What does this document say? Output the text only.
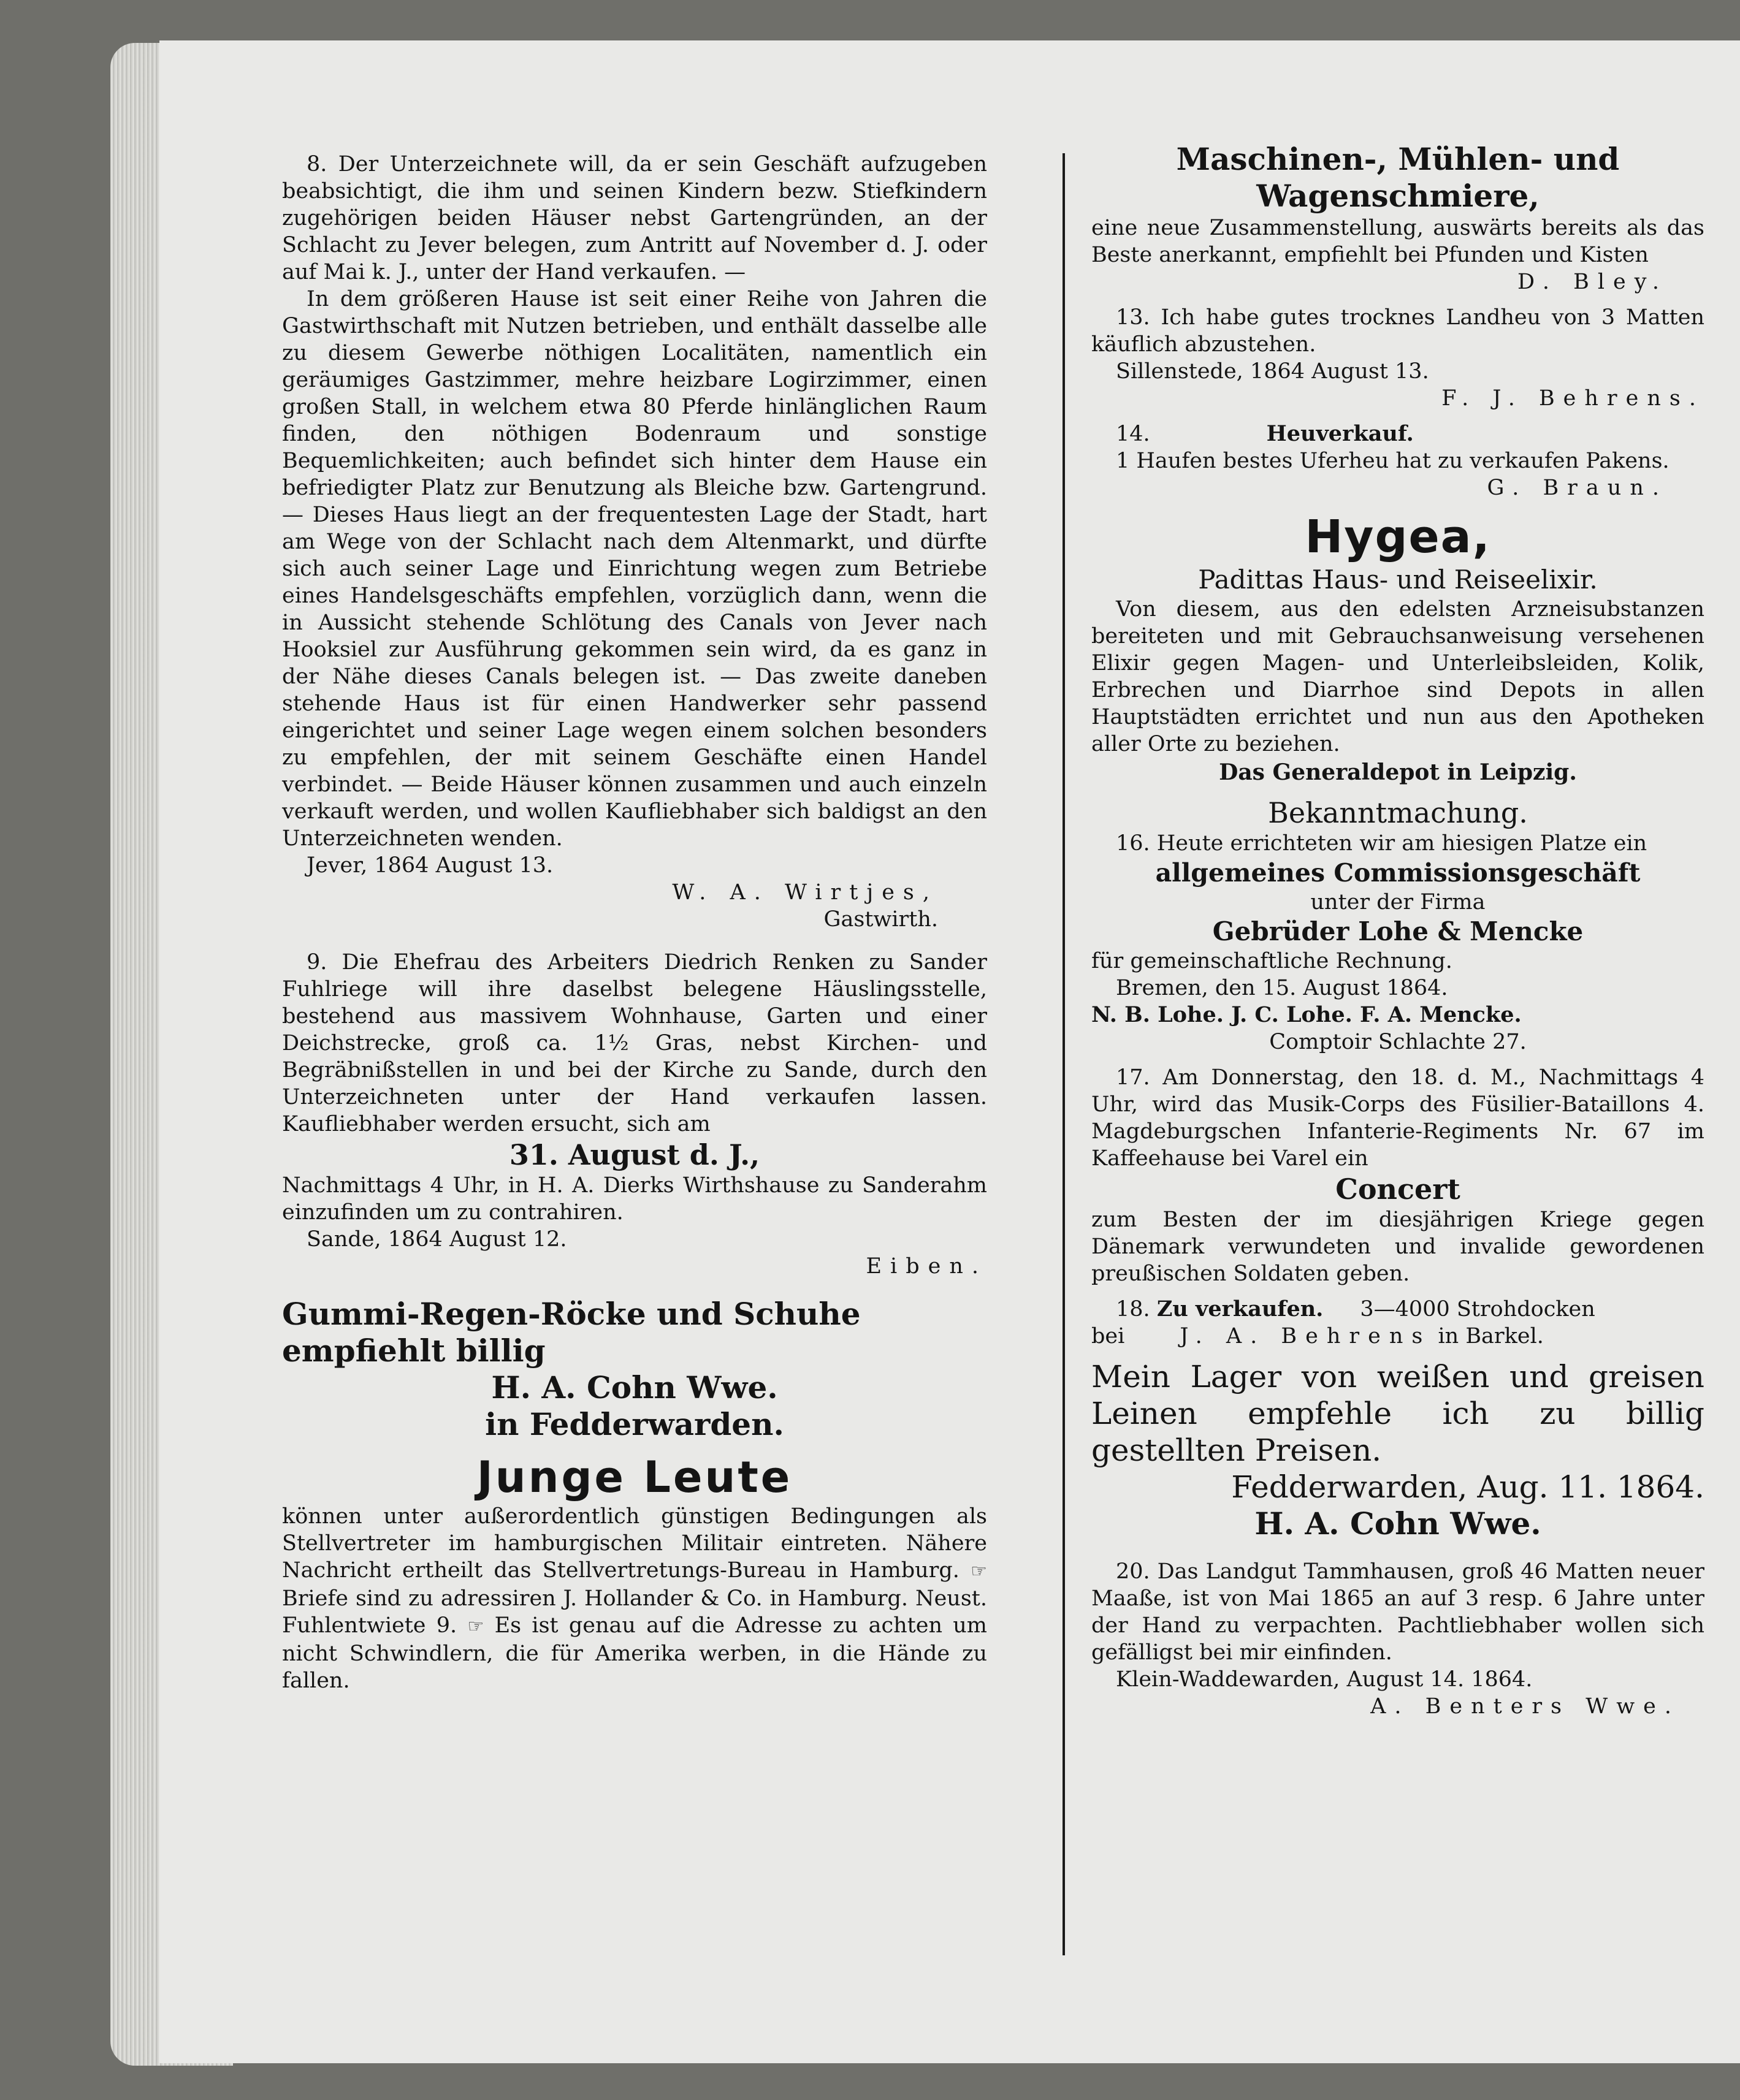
8. Der Unterzeichnete will, da er sein Geschäft aufzugeben beabsichtigt, die ihm und seinen Kindern bezw. Stiefkindern zugehörigen beiden Häuser nebst Gartengründen, an der Schlacht zu Jever belegen, zum Antritt auf November d. J. oder auf Mai k. J., unter der Hand verkaufen. —

In dem größeren Hause ist seit einer Reihe von Jahren die Gastwirthschaft mit Nutzen betrieben, und enthält dasselbe alle zu diesem Gewerbe nöthigen Localitäten, namentlich ein geräumiges Gastzimmer, mehre heizbare Logirzimmer, einen großen Stall, in welchem etwa 80 Pferde hinlänglichen Raum finden, den nöthigen Bodenraum und sonstige Bequemlichkeiten; auch befindet sich hinter dem Hause ein befriedigter Platz zur Benutzung als Bleiche bzw. Gartengrund. — Dieses Haus liegt an der frequentesten Lage der Stadt, hart am Wege von der Schlacht nach dem Altenmarkt, und dürfte sich auch seiner Lage und Einrichtung wegen zum Betriebe eines Handelsgeschäfts empfehlen, vorzüglich dann, wenn die in Aussicht stehende Schlötung des Canals von Jever nach Hooksiel zur Ausführung gekommen sein wird, da es ganz in der Nähe dieses Canals belegen ist. — Das zweite daneben stehende Haus ist für einen Handwerker sehr passend eingerichtet und seiner Lage wegen einem solchen besonders zu empfehlen, der mit seinem Geschäfte einen Handel verbindet. — Beide Häuser können zusammen und auch einzeln verkauft werden, und wollen Kaufliebhaber sich baldigst an den Unterzeichneten wenden.

Jever, 1864 August 13.

W. A. Wirtjes,

Gastwirth.

9. Die Ehefrau des Arbeiters Diedrich Renken zu Sander Fuhlriege will ihre daselbst belegene Häuslingsstelle, bestehend aus massivem Wohnhause, Garten und einer Deichstrecke, groß ca. 1½ Gras, nebst Kirchen- und Begräbnißstellen in und bei der Kirche zu Sande, durch den Unterzeichneten unter der Hand verkaufen lassen. Kaufliebhaber werden ersucht, sich am

31. August d. J.,

Nachmittags 4 Uhr, in H. A. Dierks Wirthshause zu Sanderahm einzufinden um zu contrahiren.

Sande, 1864 August 12.

Eiben.

Gummi-Regen-Röcke und Schuhe

empfiehlt billig

H. A. Cohn Wwe.

in Fedderwarden.

Junge Leute

können unter außerordentlich günstigen Bedingungen als Stellvertreter im hamburgischen Militair eintreten. Nähere Nachricht ertheilt das Stellvertretungs-Bureau in Hamburg. ☞ Briefe sind zu adressiren J. Hollander & Co. in Hamburg. Neust. Fuhlentwiete 9. ☞ Es ist genau auf die Adresse zu achten um nicht Schwindlern, die für Amerika werben, in die Hände zu fallen.

Maschinen-, Mühlen- und Wagenschmiere,

eine neue Zusammenstellung, auswärts bereits als das Beste anerkannt, empfiehlt bei Pfunden und Kisten

D. Bley.

13. Ich habe gutes trocknes Landheu von 3 Matten käuflich abzustehen.

Sillenstede, 1864 August 13.

F. J. Behrens.

14.	Heuverkauf.

1 Haufen bestes Uferheu hat zu verkaufen Pakens.

G. Braun.

Hygea,

Padittas Haus- und Reiseelixir.

Von diesem, aus den edelsten Arzneisubstanzen bereiteten und mit Gebrauchsanweisung versehenen Elixir gegen Magen- und Unterleibsleiden, Kolik, Erbrechen und Diarrhoe sind Depots in allen Hauptstädten errichtet und nun aus den Apotheken aller Orte zu beziehen.

Das Generaldepot in Leipzig.

Bekanntmachung.

16. Heute errichteten wir am hiesigen Platze ein

allgemeines Commissionsgeschäft

unter der Firma

Gebrüder Lohe & Mencke

für gemeinschaftliche Rechnung.

Bremen, den 15. August 1864.

N. B. Lohe. J. C. Lohe. F. A. Mencke.

Comptoir Schlachte 27.

17. Am Donnerstag, den 18. d. M., Nachmittags 4 Uhr, wird das Musik-Corps des Füsilier-Bataillons 4. Magdeburgschen Infanterie-Regiments Nr. 67 im Kaffeehause bei Varel ein

Concert

zum Besten der im diesjährigen Kriege gegen Dänemark verwundeten und invalide gewordenen preußischen Soldaten geben.

18. Zu verkaufen. 3—4000 Strohdocken

bei	J. A. Behrens in Barkel.

Mein Lager von weißen und greisen Leinen empfehle ich zu billig gestellten Preisen.

Fedderwarden, Aug. 11. 1864.

H. A. Cohn Wwe.

20. Das Landgut Tammhausen, groß 46 Matten neuer Maaße, ist von Mai 1865 an auf 3 resp. 6 Jahre unter der Hand zu verpachten. Pachtliebhaber wollen sich gefälligst bei mir einfinden.

Klein-Waddewarden, August 14. 1864.

A. Benters Wwe.
